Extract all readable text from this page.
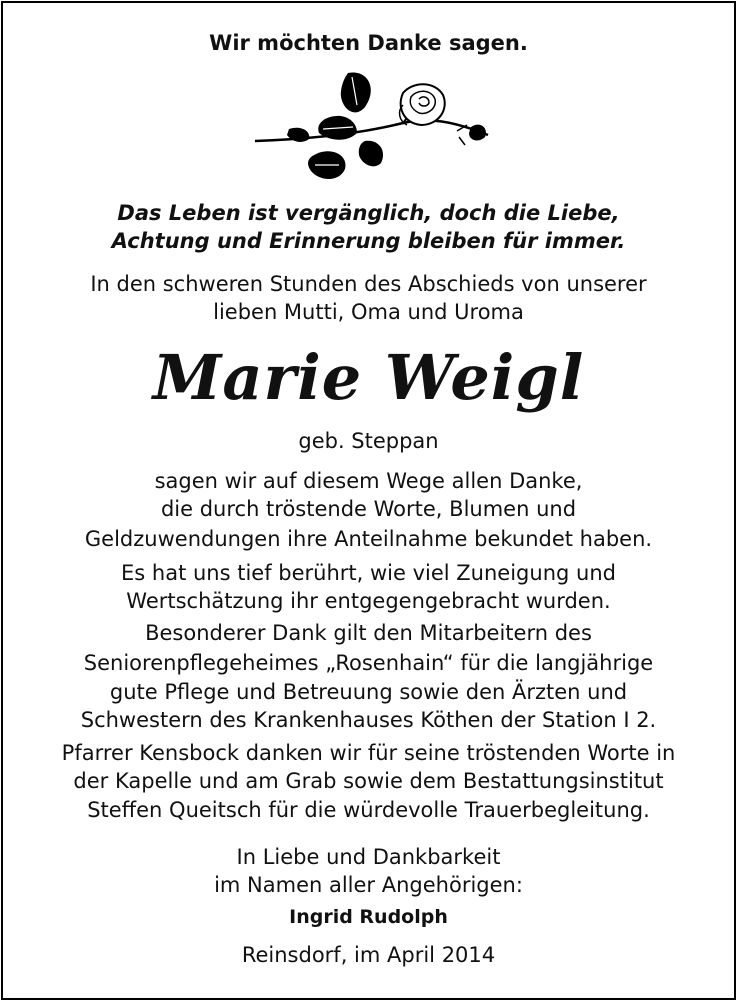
Wir möchten Danke sagen.
Das Leben ist vergänglich, doch die Liebe,
Achtung und Erinnerung bleiben für immer.
In den schweren Stunden des Abschieds von unserer
lieben Mutti, Oma und Uroma
Marie Weigl
geb. Steppan
sagen wir auf diesem Wege allen Danke,
die durch tröstende Worte, Blumen und
Geldzuwendungen ihre Anteilnahme bekundet haben.
Es hat uns tief berührt, wie viel Zuneigung und
Wertschätzung ihr entgegengebracht wurden.
Besonderer Dank gilt den Mitarbeitern des
Seniorenpflegeheimes „Rosenhain“ für die langjährige
gute Pflege und Betreuung sowie den Ärzten und
Schwestern des Krankenhauses Köthen der Station I 2.
Pfarrer Kensbock danken wir für seine tröstenden Worte in
der Kapelle und am Grab sowie dem Bestattungsinstitut
Steffen Queitsch für die würdevolle Trauerbegleitung.
In Liebe und Dankbarkeit
im Namen aller Angehörigen:
Ingrid Rudolph
Reinsdorf, im April 2014
